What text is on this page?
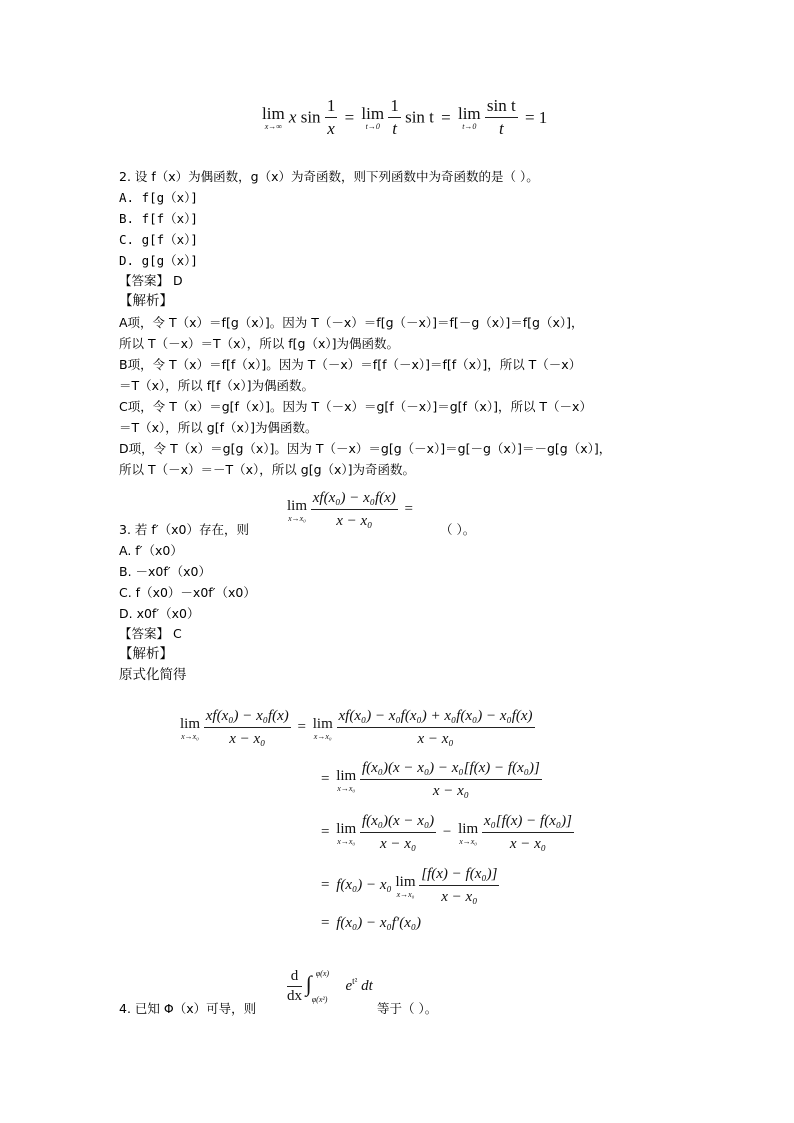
lim
x→∞ x $\sin \frac{1}{x} = \lim$
t→0
$\frac{1}{t}$ sin t = lim
t→0
$\frac{\text{sin t}}{t} = 1$
2. 设 f（x）为偶函数，g（x）为奇函数，则下列函数中为奇函数的是（ ）。
A. f[g（x）]
B. f[f（x）]
C. g[f（x）]
D. g[g（x）]
【答案】 D
【解析】
A项，令 T（x）＝f[g（x）]。因为 T（－x）＝f[g（－x）]＝f[－g（x）]＝f[g（x）]，
所以 T（－x）＝T（x），所以 f[g（x）]为偶函数。
B项，令 T（x）＝f[f（x）]。因为 T（－x）＝f[f（－x）]＝f[f（x）]，所以 T（－x）
＝T（x），所以 f[f（x）]为偶函数。
C项，令 T（x）＝g[f（x）]。因为 T（－x）＝g[f（－x）]＝g[f（x）]，所以 T（－x）
＝T（x），所以 g[f（x）]为偶函数。
D项，令 T（x）＝g[g（x）]。因为 T（－x）＝g[g（－x）]＝g[－g（x）]＝－g[g（x）]，
所以 T（－x）＝－T（x），所以 g[g（x）]为奇函数。
lim
x→x₀
$\frac{\text{xf(x₀) − x₀f(x)}}{\text{x − x₀}}$ =
3. 若 f′（x0）存在，则	（ ）。
A. f′（x0）
B. －x0f′（x0）
C. f（x0）－x0f′（x0）
D. x0f′（x0）
【答案】 C
【解析】
原式化简得
lim
x→x₀
$\frac{\text{xf(x₀) − x₀f(x)}}{\text{x − x₀}} = \lim$
x→x₀
$\frac{\text{xf(x₀) − x₀f(x₀) + x₀f(x₀) − x₀f(x)}}{\text{x − x₀}}$
= lim
x→x₀
$\frac{\text{f(x₀)(x − x₀) − x₀[f(x) − f(x₀)]}}{\text{x − x₀}}$
= lim
x→x₀
$\frac{\text{f(x₀)(x − x₀)}}{\text{x − x₀}} - \lim$
x→x₀
$\frac{\text{x₀[f(x) − f(x₀)]}}{\text{x − x₀}}$
= f(x₀) − x₀ lim
x→x₀
$\frac{\text{[f(x) − f(x₀)]}}{\text{x − x₀}}$
= f(x₀) − x₀f′(x₀)
$\frac{d}{dx}$
∫ φ(x)
φ(x²)
$e^{t^2}$ dt
4. 已知 Φ（x）可导，则	等于（ ）。
